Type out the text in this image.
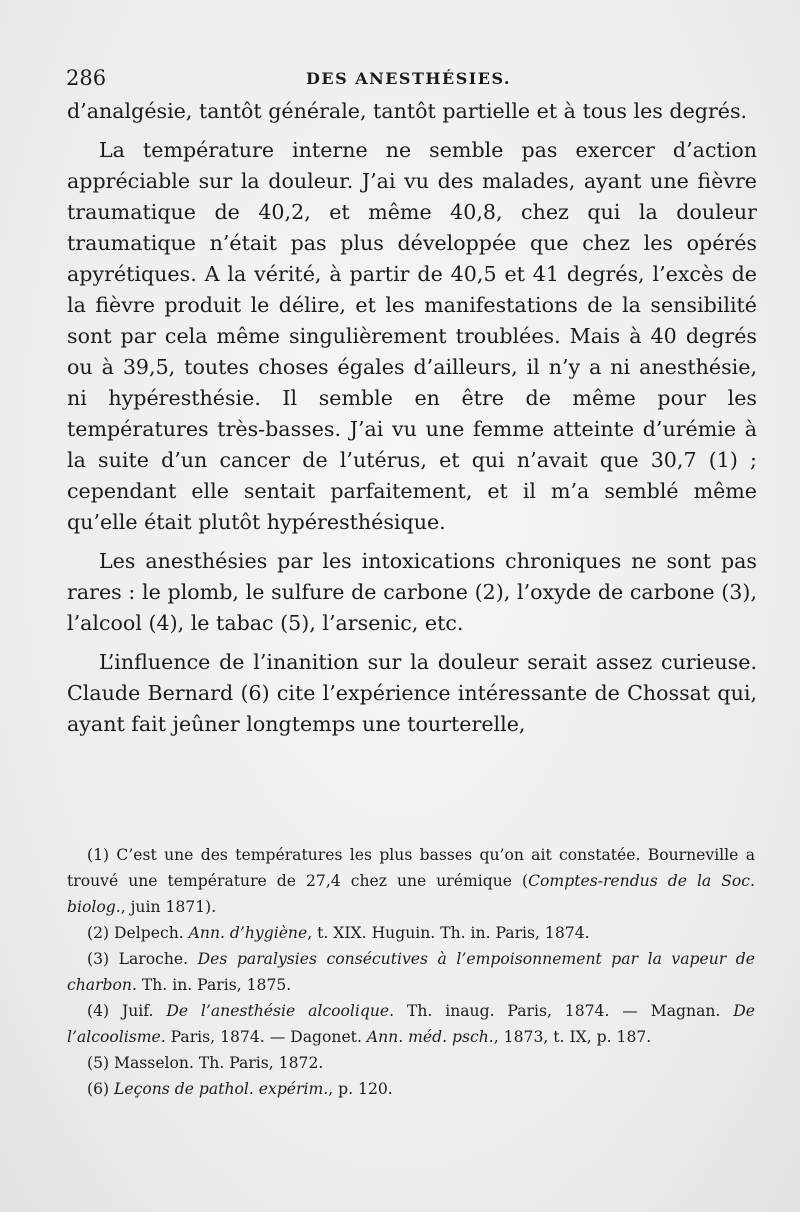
286	DES ANESTHÉSIES.

d’analgésie, tantôt générale, tantôt partielle et à tous les degrés.

La température interne ne semble pas exercer d’action appréciable sur la douleur. J’ai vu des malades, ayant une fièvre traumatique de 40,2, et même 40,8, chez qui la douleur traumatique n’était pas plus développée que chez les opérés apyrétiques. A la vérité, à partir de 40,5 et 41 degrés, l’excès de la fièvre produit le délire, et les manifestations de la sensibilité sont par cela même singulièrement troublées. Mais à 40 degrés ou à 39,5, toutes choses égales d’ailleurs, il n’y a ni anesthésie, ni hypéresthésie. Il semble en être de même pour les températures très-basses. J’ai vu une femme atteinte d’urémie à la suite d’un cancer de l’utérus, et qui n’avait que 30,7 (1) ; cependant elle sentait parfaitement, et il m’a semblé même qu’elle était plutôt hypéresthésique.

Les anesthésies par les intoxications chroniques ne sont pas rares : le plomb, le sulfure de carbone (2), l’oxyde de carbone (3), l’alcool (4), le tabac (5), l’arsenic, etc.

L’influence de l’inanition sur la douleur serait assez curieuse. Claude Bernard (6) cite l’expérience intéressante de Chossat qui, ayant fait jeûner longtemps une tourterelle,

(1) C’est une des températures les plus basses qu’on ait constatée. Bourneville a trouvé une température de 27,4 chez une urémique (Comptes-rendus de la Soc. biolog., juin 1871).

(2) Delpech. Ann. d’hygiène, t. XIX. Huguin. Th. in. Paris, 1874.

(3) Laroche. Des paralysies consécutives à l’empoisonnement par la vapeur de charbon. Th. in. Paris, 1875.

(4) Juif. De l’anesthésie alcoolique. Th. inaug. Paris, 1874. — Magnan. De l’alcoolisme. Paris, 1874. — Dagonet. Ann. méd. psch., 1873, t. IX, p. 187.

(5) Masselon. Th. Paris, 1872.

(6) Leçons de pathol. expérim., p. 120.
